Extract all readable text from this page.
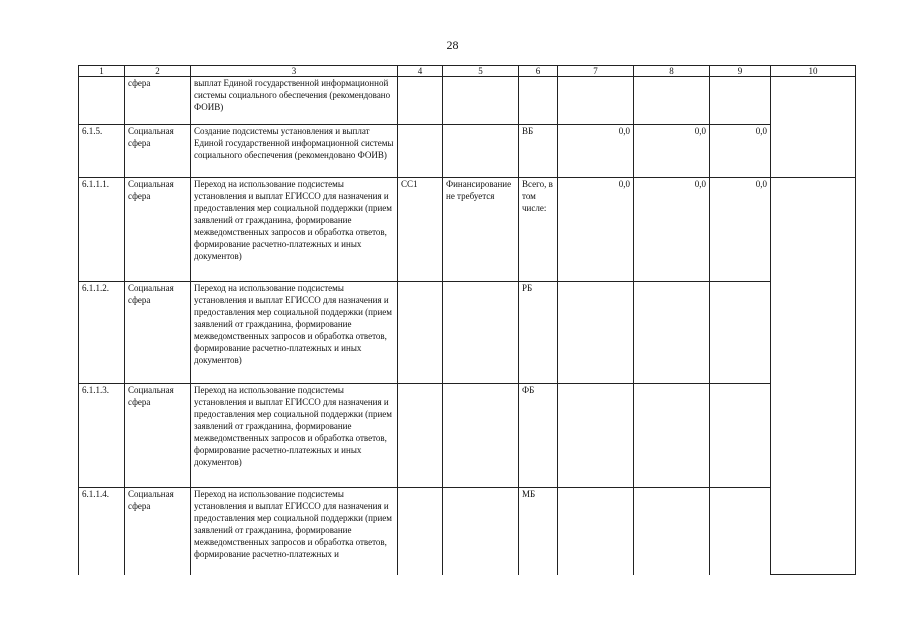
28
1	2	3	4	5	6	7	8	9	10
	сфера	выплат Единой государственной информационной системы социального обеспечения (рекомендовано ФОИВ)							
6.1.5.	Социальная сфера	Создание подсистемы установления и выплат Единой государственной информационной системы социального обеспечения (рекомендовано ФОИВ)			ВБ	0,0	0,0	0,0	
6.1.1.1.	Социальная сфера	Переход на использование подсистемы установления и выплат ЕГИССО для назначения и предоставления мер социальной поддержки (прием заявлений от гражданина, формирование межведомственных запросов и обработка ответов, формирование расчетно-платежных и иных документов)	СС1	Финансирование не требуется	Всего, в том числе:	0,0	0,0	0,0	
6.1.1.2.	Социальная сфера	Переход на использование подсистемы установления и выплат ЕГИССО для назначения и предоставления мер социальной поддержки (прием заявлений от гражданина, формирование межведомственных запросов и обработка ответов, формирование расчетно-платежных и иных документов)			РБ				
6.1.1.3.	Социальная сфера	Переход на использование подсистемы установления и выплат ЕГИССО для назначения и предоставления мер социальной поддержки (прием заявлений от гражданина, формирование межведомственных запросов и обработка ответов, формирование расчетно-платежных и иных документов)			ФБ				
6.1.1.4.	Социальная сфера	Переход на использование подсистемы установления и выплат ЕГИССО для назначения и предоставления мер социальной поддержки (прием заявлений от гражданина, формирование межведомственных запросов и обработка ответов, формирование расчетно-платежных и			МБ				
